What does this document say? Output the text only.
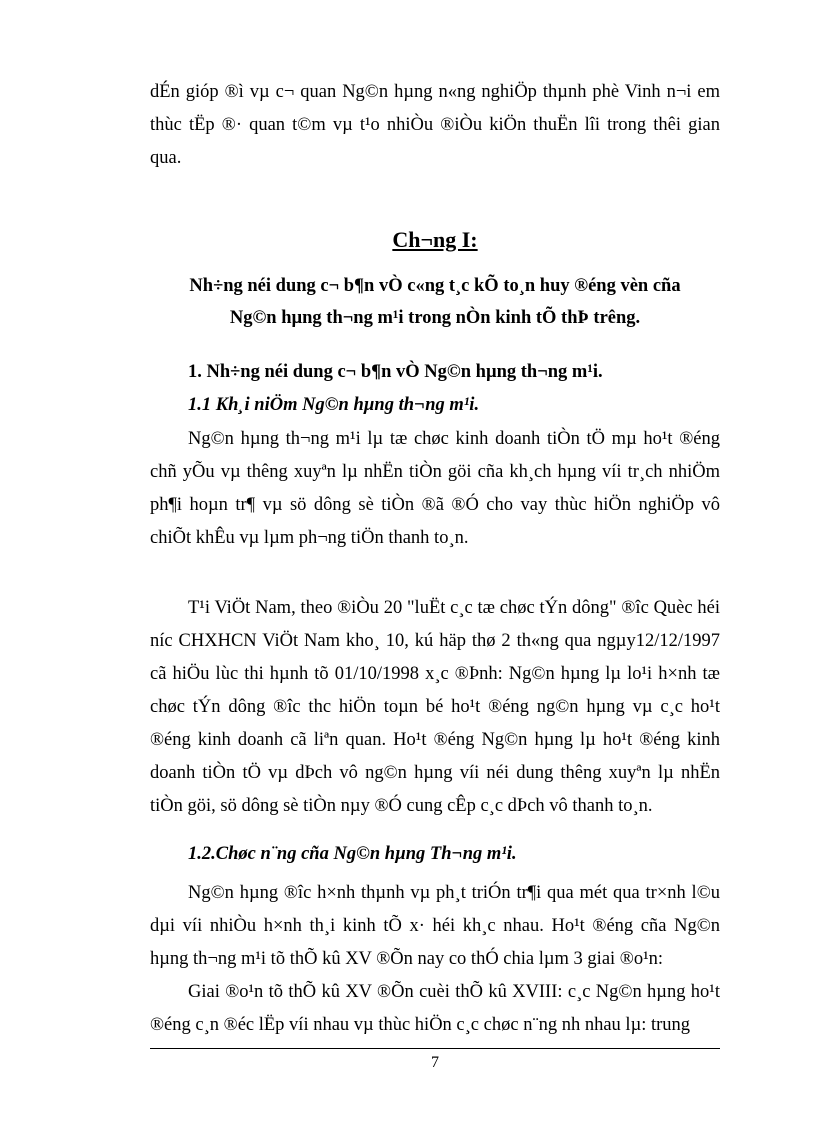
dÉn gióp ®ì vµ c¬ quan Ng©n hµng n«ng nghiÖp thµnh phè Vinh n¬i em thùc tËp ®· quan t©m vµ t¹o nhiÒu ®iÒu kiÖn thuËn lîi trong thêi gian qua.

Ch¬ng I:
Nh÷ng néi dung c¬ b¶n vÒ c«ng t¸c kÕ to¸n huy ®éng vèn cña
Ng©n hµng th¬ng m¹i trong nÒn kinh tÕ thÞ trêng.
1. Nh÷ng néi dung c¬ b¶n vÒ Ng©n hµng th¬ng m¹i.
1.1 Kh¸i niÖm Ng©n hµng th¬ng m¹i.

Ng©n hµng th¬ng m¹i lµ tæ chøc kinh doanh tiÒn tÖ mµ ho¹t ®éng chñ yÕu vµ thêng xuyªn lµ nhËn tiÒn göi cña kh¸ch hµng víi tr¸ch nhiÖm ph¶i hoµn tr¶ vµ sö dông sè tiÒn ®ã ®Ó cho vay thùc hiÖn nghiÖp vô chiÕt khÊu vµ lµm ph¬ng tiÖn thanh to¸n.

T¹i ViÖt Nam, theo ®iÒu 20 "luËt c¸c tæ chøc tÝn dông" ®îc Quèc héi níc CHXHCN ViÖt Nam kho¸ 10, kú häp thø 2 th«ng qua ngµy12/12/1997 cã hiÖu lùc thi hµnh tõ 01/10/1998 x¸c ®Þnh: Ng©n hµng lµ lo¹i h×nh tæ chøc tÝn dông ®îc thc hiÖn toµn bé ho¹t ®éng ng©n hµng vµ c¸c ho¹t ®éng kinh doanh cã liªn quan. Ho¹t ®éng Ng©n hµng lµ ho¹t ®éng kinh doanh tiÒn tÖ vµ dÞch vô ng©n hµng víi néi dung thêng xuyªn lµ nhËn tiÒn göi, sö dông sè tiÒn nµy ®Ó cung cÊp c¸c dÞch vô thanh to¸n.

1.2.Chøc n¨ng cña Ng©n hµng Th¬ng m¹i.

Ng©n hµng ®îc h×nh thµnh vµ ph¸t triÓn tr¶i qua mét qua tr×nh l©u dµi víi nhiÒu h×nh th¸i kinh tÕ x· héi kh¸c nhau. Ho¹t ®éng cña Ng©n hµng th¬ng m¹i tõ thÕ kû XV ®Õn nay co thÓ chia lµm 3 giai ®o¹n:

Giai ®o¹n tõ thÕ kû XV ®Õn cuèi thÕ kû XVIII: c¸c Ng©n hµng ho¹t ®éng c¸n ®éc lËp víi nhau vµ thùc hiÖn c¸c chøc n¨ng nh nhau lµ: trung

7
